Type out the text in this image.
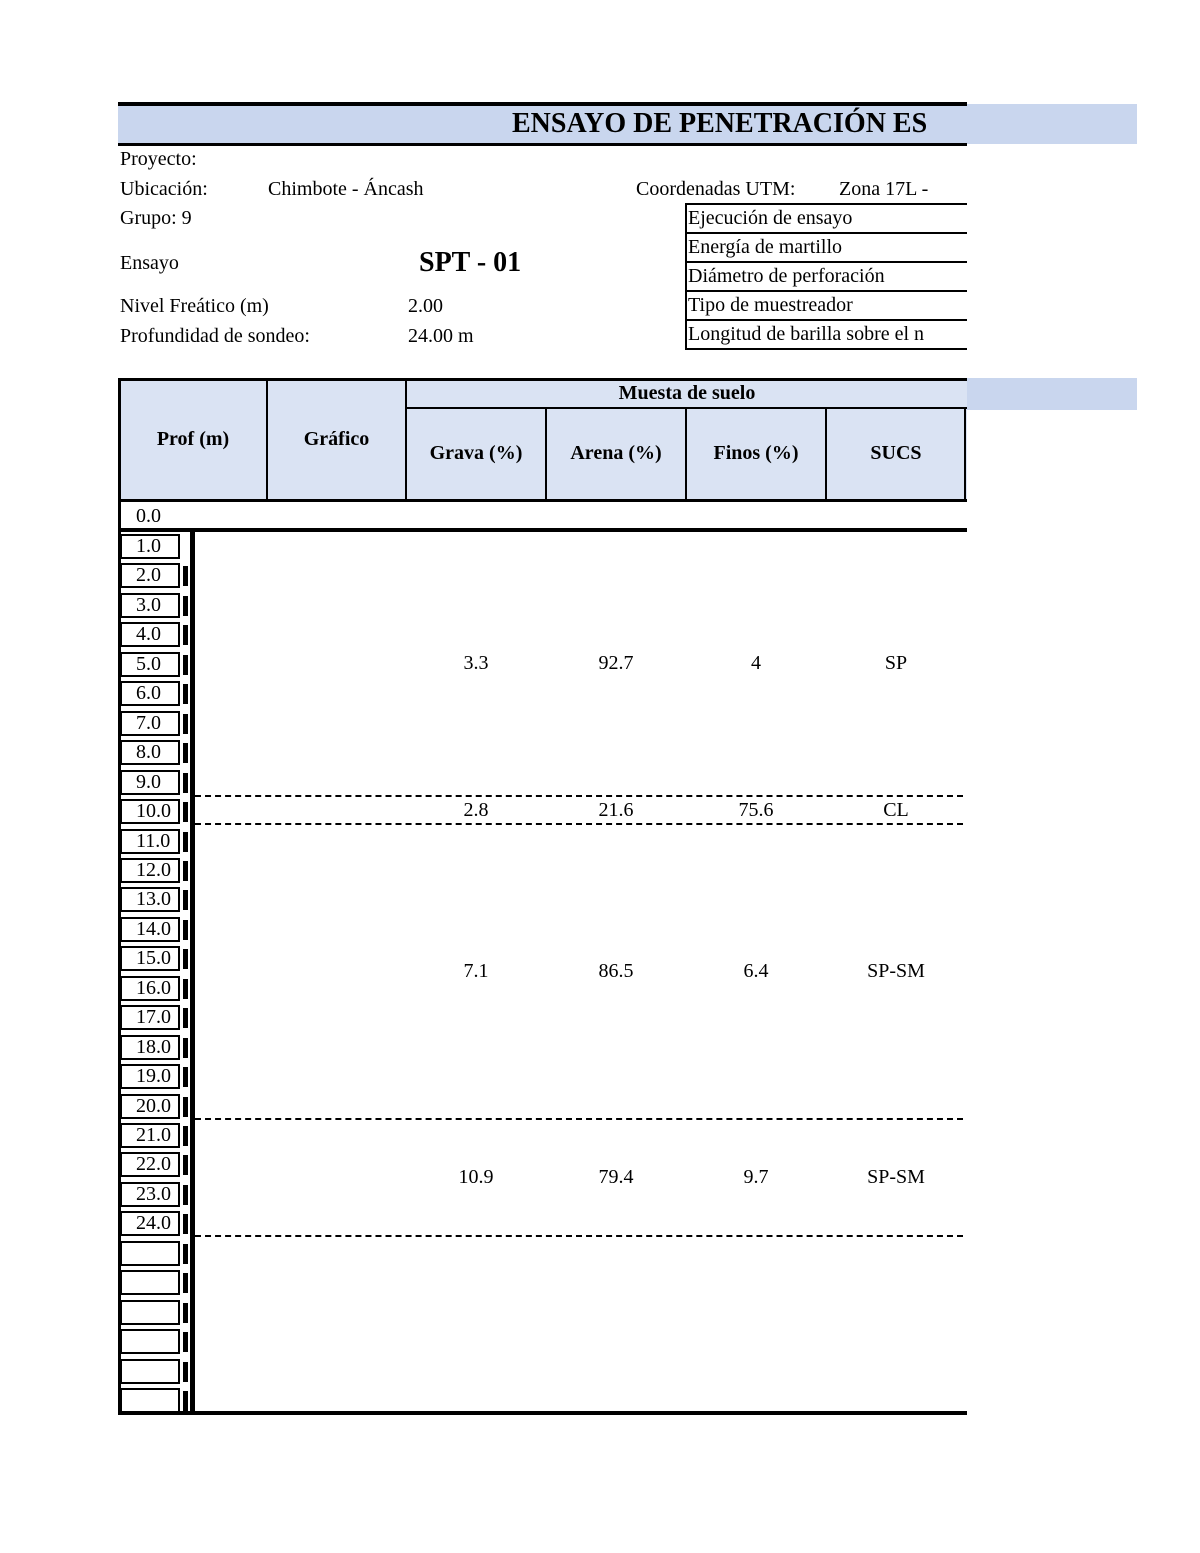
ENSAYO DE PENETRACIÓN ES
Proyecto:
Ubicación:	Chimbote - Áncash	Coordenadas UTM: Zona 17L -
Grupo: 9
Ensayo	SPT - 01
Nivel Freático (m)	2.00
Profundidad de sondeo:	24.00 m
Ejecución de ensayo
Energía de martillo
Diámetro de perforación
Tipo de muestreador
Longitud de barilla sobre el n
Prof (m)	Gráfico
Muesta de suelo
Grava (%)	Arena (%)	Finos (%)	SUCS
0.0
1.0
2.0
3.0
4.0
5.0
6.0
7.0
8.0
9.0
10.0
11.0
12.0
13.0
14.0
15.0
16.0
17.0
18.0
19.0
20.0
21.0
22.0
23.0
24.0
3.3	92.7	4	SP
2.8	21.6	75.6	CL
7.1	86.5	6.4	SP-SM
10.9	79.4	9.7	SP-SM
